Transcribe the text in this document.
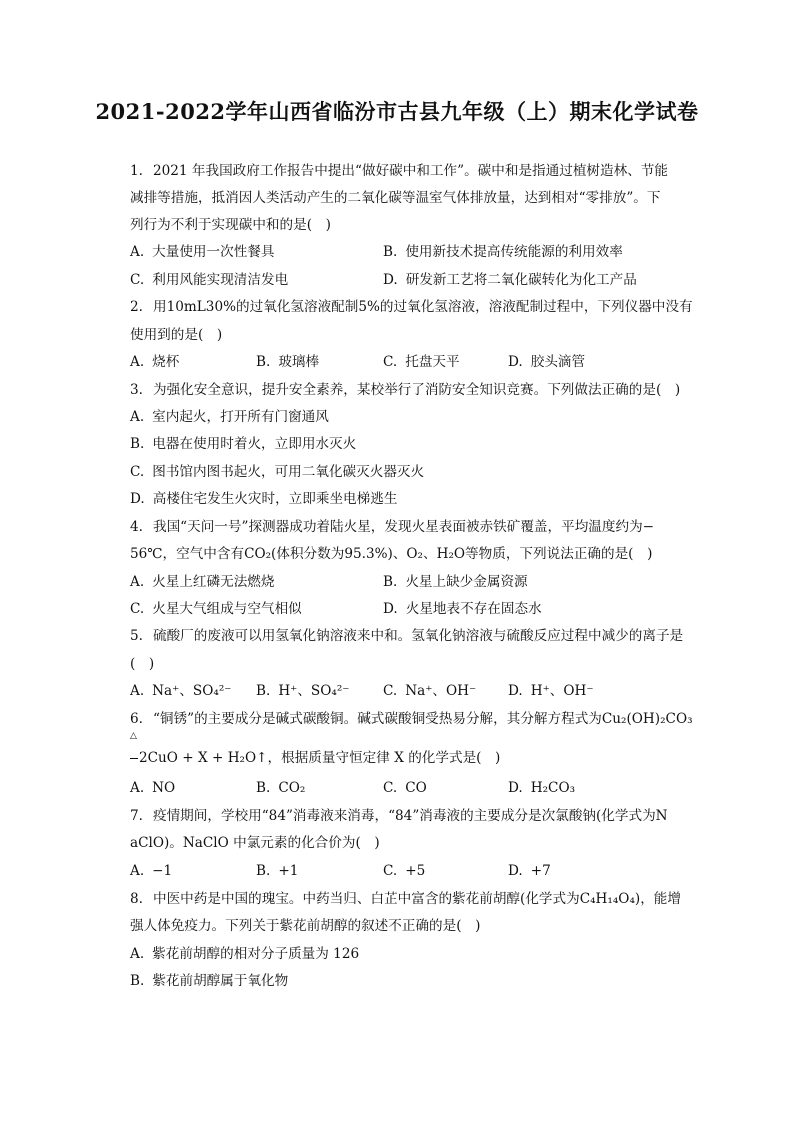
2021-2022学年山西省临汾市古县九年级（上）期末化学试卷
1. 2021 年我国政府工作报告中提出“做好碳中和工作”。碳中和是指通过植树造林、节能
减排等措施，抵消因人类活动产生的二氧化碳等温室气体排放量，达到相对“零排放”。下
列行为不利于实现碳中和的是(　)
A. 大量使用一次性餐具	B. 使用新技术提高传统能源的利用效率
C. 利用风能实现清洁发电	D. 研发新工艺将二氧化碳转化为化工产品
2. 用10mL30%的过氧化氢溶液配制5%的过氧化氢溶液，溶液配制过程中，下列仪器中没有
使用到的是(　)
A. 烧杯	B. 玻璃棒	C. 托盘天平	D. 胶头滴管
3. 为强化安全意识，提升安全素养，某校举行了消防安全知识竞赛。下列做法正确的是(　)
A. 室内起火，打开所有门窗通风
B. 电器在使用时着火，立即用水灭火
C. 图书馆内图书起火，可用二氧化碳灭火器灭火
D. 高楼住宅发生火灾时，立即乘坐电梯逃生
4. 我国“天问一号”探测器成功着陆火星，发现火星表面被赤铁矿覆盖，平均温度约为−
56℃，空气中含有CO₂(体积分数为95.3%)、O₂、H₂O等物质，下列说法正确的是(　)
A. 火星上红磷无法燃烧	B. 火星上缺少金属资源
C. 火星大气组成与空气相似	D. 火星地表不存在固态水
5. 硫酸厂的废液可以用氢氧化钠溶液来中和。氢氧化钠溶液与硫酸反应过程中减少的离子是
(　)
A. Na⁺、SO₄²⁻ B. H⁺、SO₄²⁻ C. Na⁺、OH⁻ D. H⁺、OH⁻
6. “铜锈”的主要成分是碱式碳酸铜。碱式碳酸铜受热易分解，其分解方程式为Cu₂(OH)₂CO₃
△
2CuO + X + H₂O↑，根据质量守恒定律 X 的化学式是(　)
A. NO	B. CO₂	C. CO	D. H₂CO₃
7. 疫情期间，学校用“84”消毒液来消毒，“84”消毒液的主要成分是次氯酸钠(化学式为N
aClO)。NaClO 中氯元素的化合价为(　)
A. −1	B. +1	C. +5	D. +7
8. 中医中药是中国的瑰宝。中药当归、白芷中富含的紫花前胡醇(化学式为C₄H₁₄O₄)，能增
强人体免疫力。下列关于紫花前胡醇的叙述不正确的是(　)
A. 紫花前胡醇的相对分子质量为 126
B. 紫花前胡醇属于氧化物
